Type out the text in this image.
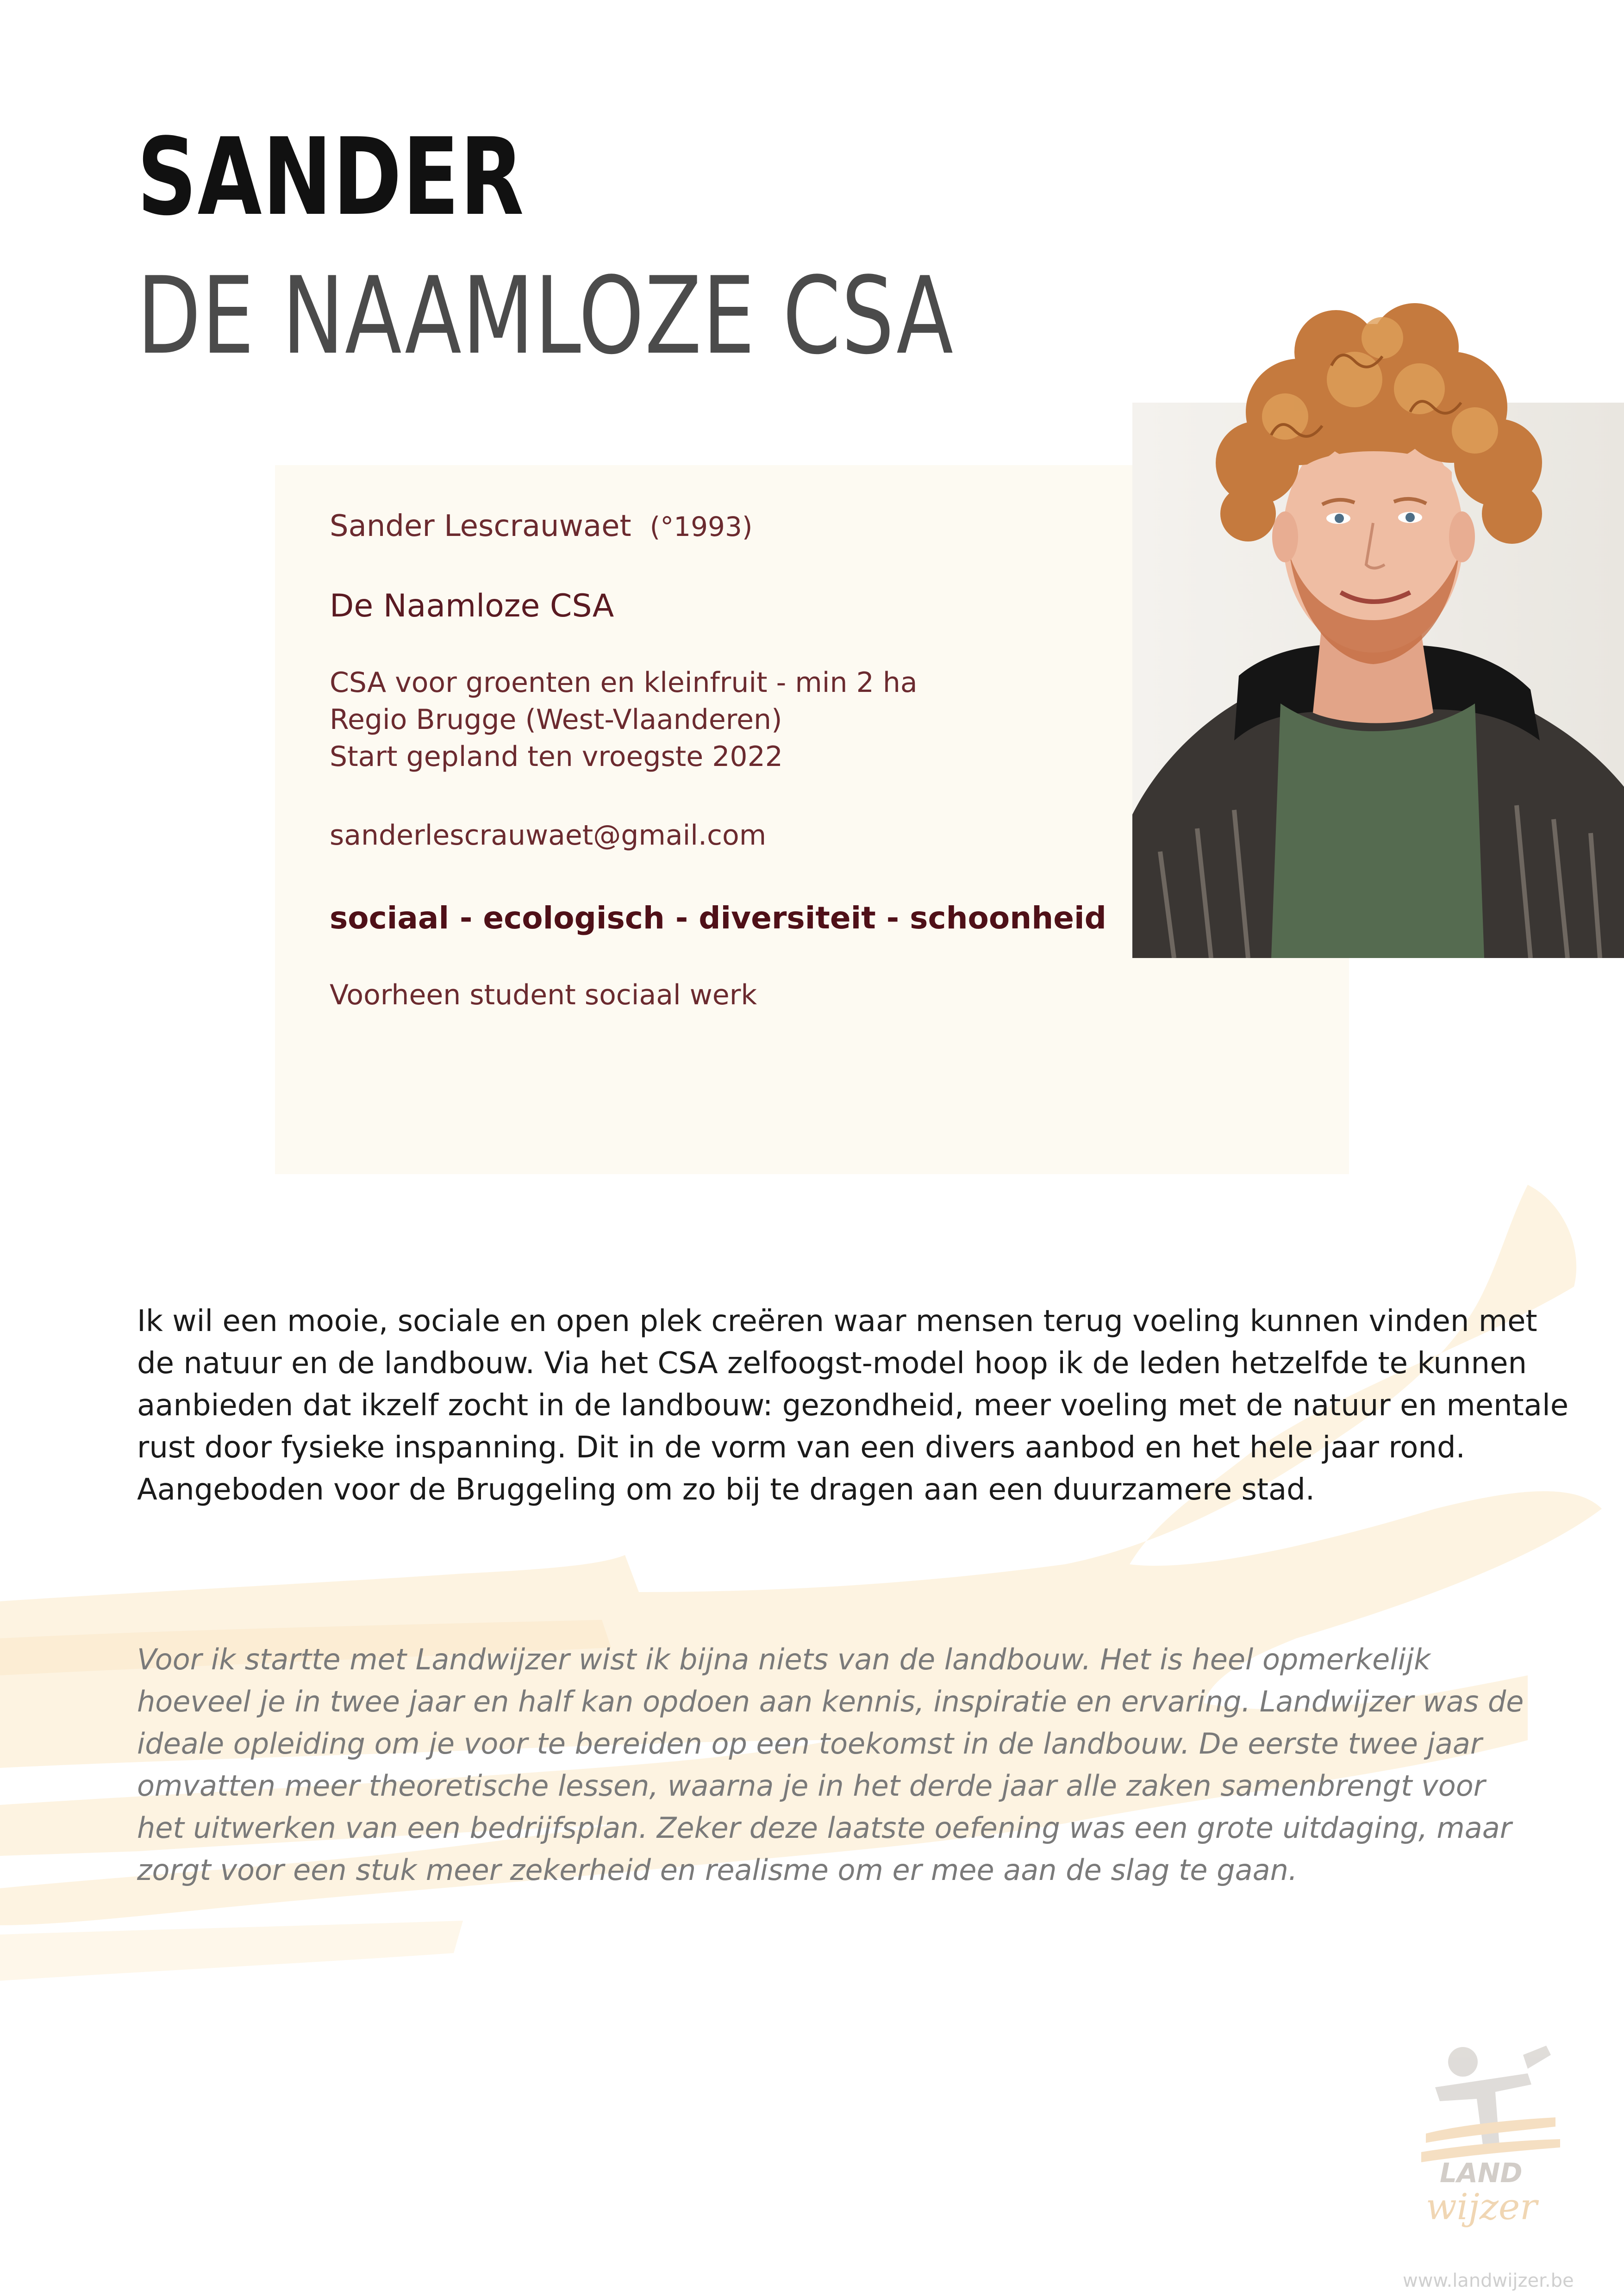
SANDER
DE NAAMLOZE CSA
Sander Lescrauwaet (°1993)
De Naamloze CSA
CSA voor groenten en kleinfruit - min 2 ha
Regio Brugge (West-Vlaanderen)
Start gepland ten vroegste 2022
sanderlescrauwaet@gmail.com
sociaal - ecologisch - diversiteit - schoonheid
Voorheen student sociaal werk
Ik wil een mooie, sociale en open plek creëren waar mensen terug voeling kunnen vinden met
de natuur en de landbouw. Via het CSA zelfoogst-model hoop ik de leden hetzelfde te kunnen
aanbieden dat ikzelf zocht in de landbouw: gezondheid, meer voeling met de natuur en mentale
rust door fysieke inspanning. Dit in de vorm van een divers aanbod en het hele jaar rond.
Aangeboden voor de Bruggeling om zo bij te dragen aan een duurzamere stad.
Voor ik startte met Landwijzer wist ik bijna niets van de landbouw. Het is heel opmerkelijk
hoeveel je in twee jaar en half kan opdoen aan kennis, inspiratie en ervaring. Landwijzer was de
ideale opleiding om je voor te bereiden op een toekomst in de landbouw. De eerste twee jaar
omvatten meer theoretische lessen, waarna je in het derde jaar alle zaken samenbrengt voor
het uitwerken van een bedrijfsplan. Zeker deze laatste oefening was een grote uitdaging, maar
zorgt voor een stuk meer zekerheid en realisme om er mee aan de slag te gaan.
LAND
wijzer
www.landwijzer.be
